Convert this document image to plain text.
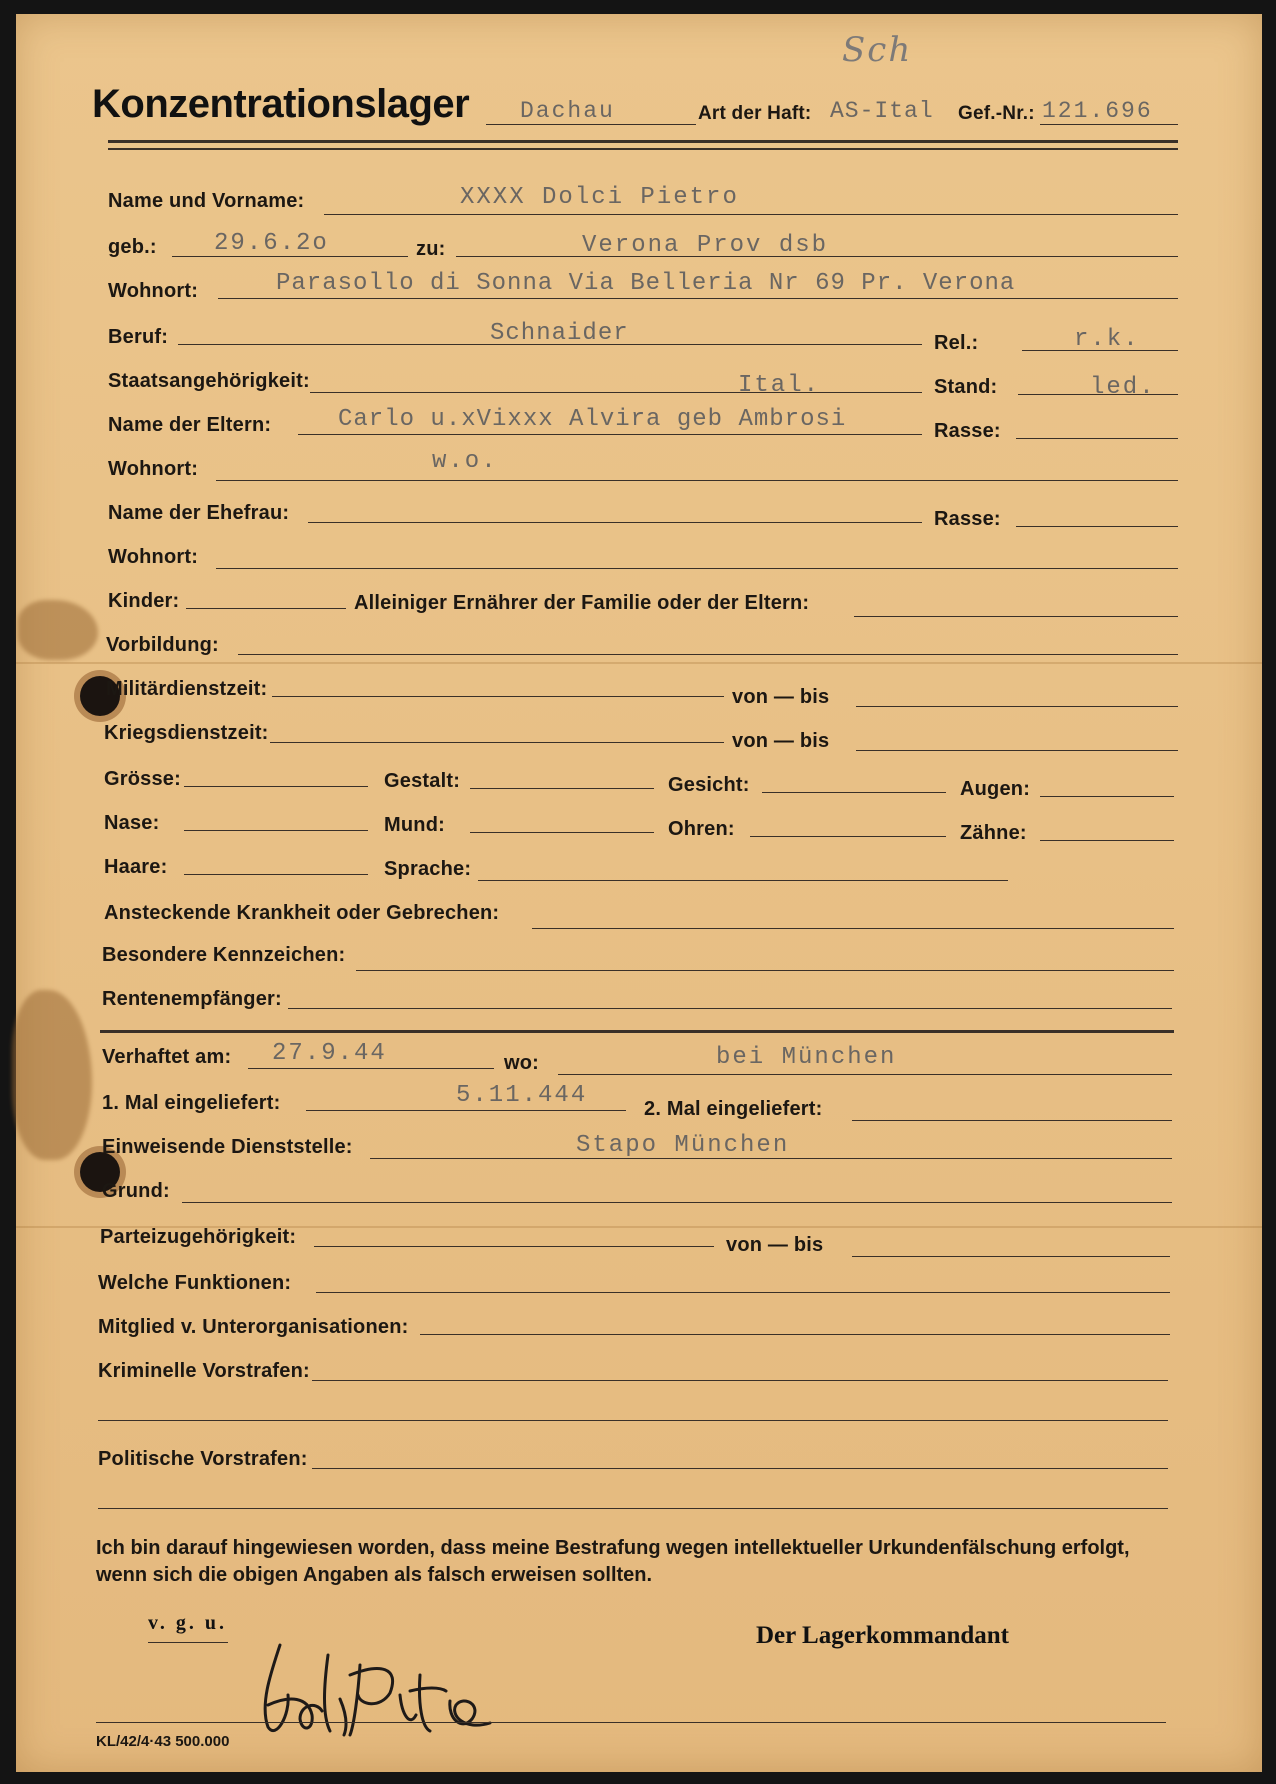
Konzentrationslager Dachau	Art der Haft: AS-Ital
Sch
Gef.-Nr.: 121.696
Name und Vorname:	XXXX Dolci Pietro
geb.: 29.6.2o	zu:	Verona Prov dsb
Wohnort:	Parasollo di Sonna Via Belleria Nr 69 Pr. Verona
Beruf:	Schnaider	Rel.:	r.k.
Staatsangehörigkeit:	Ital.	Stand:	led.
Name der Eltern:	Carlo u.xVixxx Alvira geb Ambrosi	Rasse:
Wohnort:	w.o.
Name der Ehefrau:	Rasse:
Wohnort:
Kinder:	Alleiniger Ernährer der Familie oder der Eltern:
Vorbildung:
Militärdienstzeit:	von — bis
Kriegsdienstzeit:	von — bis
Grösse:	Gestalt:	Gesicht:	Augen:
Nase:	Mund:	Ohren:	Zähne:
Haare:	Sprache:
Ansteckende Krankheit oder Gebrechen:
Besondere Kennzeichen:
Rentenempfänger:
Verhaftet am: 27.9.44	wo:	bei München
1. Mal eingeliefert:	5.11.444	2. Mal eingeliefert:
Einweisende Dienststelle:	Stapo München
Grund:
Parteizugehörigkeit:	von — bis
Welche Funktionen:
Mitglied v. Unterorganisationen:
Kriminelle Vorstrafen:
Politische Vorstrafen:
Ich bin darauf hingewiesen worden, dass meine Bestrafung wegen intellektueller Urkundenfälschung erfolgt, wenn sich die obigen Angaben als falsch erweisen sollten.
v. g. u.	Der Lagerkommandant
KL/42/4·43 500.000
